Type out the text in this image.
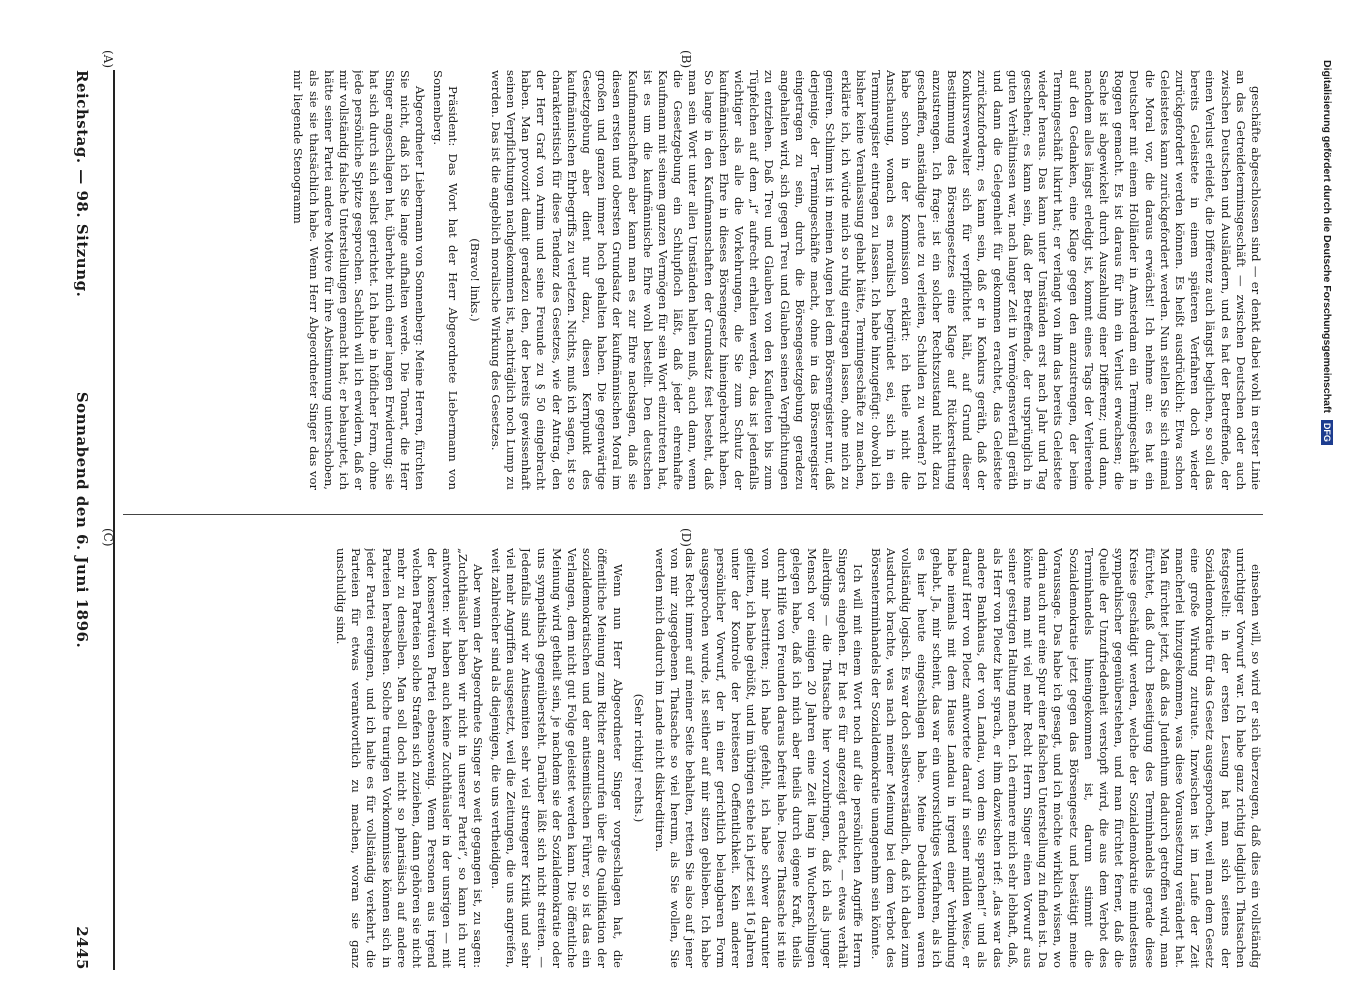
Digitalisierung gefördert durch die Deutsche Forschungsgemeinschaft DFG

geschäfte abgeschlossen sind — er denkt dabei wohl in erster Linie an das Getreideterminsgeschäft — zwischen Deutschen oder auch zwischen Deutschen und Ausländern, und es hat der Betreffende, der einen Verlust erleidet, die Differenz auch längst beglichen, so soll das bereits Geleistete in einem späteren Verfahren doch wieder zurückgefordert werden können. Es heißt ausdrücklich: Etwa schon Geleistetes kann zurückgefordert werden. Nun stellen Sie sich einmal die Moral vor, die daraus erwächst! Ich nehme an: es hat ein Deutscher mit einem Holländer in Amsterdam ein Termingeschäft in Roggen gemacht. Es ist daraus für ihn ein Verlust erwachsen; die Sache ist abgewickelt durch Auszahlung einer Differenz; und dann, nachdem alles längst erledigt ist, kommt eines Tags der Verlierende auf den Gedanken, eine Klage gegen den anzustrengen, der beim Termingeschäft lukrirt hat; er verlangt von ihm das bereits Geleistete wieder heraus. Das kann unter Umständen erst nach Jahr und Tag geschehen; es kann sein, daß der Betreffende, der ursprünglich in guten Verhältnissen war, nach langer Zeit in Vermögensverfall geräth und dann die Gelegenheit für gekommen erachtet, das Geleistete zurückzufordern; es kann sein, daß er in Konkurs geräth, daß der Konkursverwalter sich für verpflichtet hält, auf Grund dieser Bestimmung des Börsengesetzes eine Klage auf Rückerstattung anzustrengen. Ich frage: ist ein solcher Rechtszustand nicht dazu geschaffen, anständige Leute zu verleiten, Schulden zu werden? Ich habe schon in der Kommission erklärt: ich theile nicht die Anschauung, wonach es moralisch begründet sei, sich in ein Terminregister eintragen zu lassen. Ich habe hinzugefügt: obwohl ich bisher keine Veranlassung gehabt hätte, Termingeschäfte zu machen, erklärte ich, ich würde mich so ruhig eintragen lassen, ohne mich zu geniren. Schlimm ist in meinen Augen bei dem Börsenregister nur, daß derjenige, der Termingeschäfte macht, ohne in das Börsenregister eingetragen zu sein, durch die Börsengesetzgebung geradezu angehalten wird, sich gegen Treu und Glauben seinen Verpflichtungen zu entziehen. Daß Treu und Glauben von den Kaufleuten bis zum Tüpfelchen auf dem „i“ aufrecht erhalten werden, das ist jedenfalls wichtiger als alle die Vorkehrungen, die Sie zum Schutz der kaufmännischen Ehre in dieses Börsengesetz hineingebracht haben. So lange in den Kaufmannschaften der Grundsatz fest besteht, daß man sein Wort unter allen Umständen halten muß, auch dann, wenn die Gesetzgebung ein Schlupfloch läßt, daß jeder ehrenhafte Kaufmann mit seinem ganzen Vermögen für sein Wort einzutreten hat, ist es um die kaufmännische Ehre wohl bestellt. Den deutschen Kaufmannschaften aber kann man es zur Ehre nachsagen, daß sie diesen ersten und obersten Grundsatz der kaufmännischen Moral im großen und ganzen immer hoch gehalten haben. Die gegenwärtige Gesetzgebung aber dient nur dazu, diesen Kernpunkt des kaufmännischen Ehrbegriffs zu verletzen. Nichts, muß ich sagen, ist so charakteristisch für diese Tendenz des Gesetzes, wie der Antrag, den der Herr Graf von Arnim und seine Freunde zu § 50 eingebracht haben. Man provozirt damit geradezu den, der bereits gewissenhaft seinen Verpflichtungen nachgekommen ist, nachträglich noch Lump zu werden. Das ist die angeblich moralische Wirkung des Gesetzes.

(Bravo! links.)

Präsident: Das Wort hat der Herr Abgeordnete Liebermann von Sonnenberg.

Abgeordneter Liebermann von Sonnenberg: Meine Herren, fürchten Sie nicht, daß ich Sie lange aufhalten werde. Die Tonart, die Herr Singer angeschlagen hat, überhebt mich einer langen Erwiderung; sie hat sich durch sich selbst gerichtet. Ich habe in höflicher Form, ohne jede persönliche Spitze gesprochen. Sachlich will ich erwidern, daß er mir vollständig falsche Unterstellungen gemacht hat; er behauptet, ich hätte seiner Partei andere Motive für ihre Abstimmung unterschoben, als sie sie thatsächlich habe. Wenn Herr Abgeordneter Singer das vor mir liegende Stenogramm

einsehen will, so wird er sich überzeugen, daß dies ein vollständig unrichtiger Vorwurf war. Ich habe ganz richtig lediglich Thatsachen festgestellt: in der ersten Lesung hat man sich seitens der Sozialdemokratie für das Gesetz ausgesprochen, weil man dem Gesetz eine große Wirkung zutraute. Inzwischen ist im Laufe der Zeit mancherlei hinzugekommen, was diese Voraussetzung verändert hat. Man fürchtet jetzt, daß das Judenthum dadurch getroffen wird, man fürchtet, daß durch Beseitigung des Terminhandels gerade diese Kreise geschädigt werden, welche der Sozialdemokratie mindestens sympathischer gegenüberstehen, und man fürchtet ferner, daß die Quelle der Unzufriedenheit verstopft wird, die aus dem Verbot des Terminhandels hineingekommen ist, darum stimmt die Sozialdemokratie jetzt gegen das Börsengesetz und bestätigt meine Voraussage. Das habe ich gesagt, und ich möchte wirklich wissen, wo darin auch nur eine Spur einer falschen Unterstellung zu finden ist. Da könnte man mit viel mehr Recht Herrn Singer einen Vorwurf aus seiner gestrigen Haltung machen. Ich erinnere mich sehr lebhaft, daß, als Herr von Ploetz hier sprach, er ihm dazwischen rief: „das war das andere Bankhaus, der von Landau, von dem Sie sprachen!“ und als darauf Herr von Ploetz antwortete darauf in seiner milden Weise, er habe niemals mit dem Hause Landau in irgend einer Verbindung gehabt. Ja, mir scheint, das war ein unvorsichtiges Verfahren, als ich es hier heute eingeschlagen habe. Meine Deduktionen waren vollständig logisch. Es war doch selbstverständlich, daß ich dabei zum Ausdruck brachte, was nach meiner Meinung bei dem Verbot des Börsenterminhandels der Sozialdemokratie unangenehm sein könnte.

Ich will mit einem Wort noch auf die persönlichen Angriffe Herrn Singers eingehen. Er hat es für angezeigt erachtet, — etwas verhält allerdings — die Thatsache hier vorzubringen, daß ich als junger Mensch vor einigen 20 Jahren eine Zeit lang in Wucherschlingen gelegen habe, daß ich mich aber theils durch eigene Kraft, theils durch Hilfe von Freunden daraus befreit habe. Diese Thatsache ist nie von mir bestritten; ich habe gefehlt, ich habe schwer darunter gelitten, ich habe gebüßt, und im übrigen stehe ich jetzt seit 16 Jahren unter der Kontrole der breitesten Oeffentlichkeit. Kein anderer persönlicher Vorwurf, der in einer gerichtlich belangbaren Form ausgesprochen wurde, ist seither auf mir sitzen geblieben. Ich habe das Recht immer auf meiner Seite behalten, retten Sie also auf jener von mir zugegebenen Thatsache so viel herum, als Sie wollen, Sie werden mich dadurch im Lande nicht diskreditiren.

(Sehr richtig! rechts.)

Wenn nun Herr Abgeordneter Singer vorgeschlagen hat, die öffentliche Meinung zum Richter anzurufen über die Qualifikation der sozialdemokratischen und der antisemitischen Führer, so ist das ein Verlangen, dem nicht gut Folge geleistet werden kann. Die öffentliche Meinung wird getheilt sein, je nachdem sie der Sozialdemokratie oder uns sympathisch gegenübersteht. Darüber läßt sich nicht streiten. — Jedenfalls sind wir Antisemiten sehr viel strengerer Kritik und sehr viel mehr Angriffen ausgesetzt, weil die Zeitungen, die uns angreifen, weit zahlreicher sind als diejenigen, die uns vertheidigen.

Aber wenn der Abgeordnete Singer so weit gegangen ist, zu sagen: „Zuchthäusler haben wir nicht in unserer Partei“, so kann ich nur antworten: wir haben auch keine Zuchthäusler in der unsrigen — mit der konservativen Partei ebensowenig. Wenn Personen aus irgend welchen Parteien solche Strafen sich zuziehen, dann gehören sie nicht mehr zu denselben. Man soll doch nicht so pharisäisch auf andere Parteien herabsehen. Solche traurigen Vorkommnisse können sich in jeder Partei ereignen, und ich halte es für vollständig verkehrt, die Parteien für etwas verantwortlich zu machen, woran sie ganz unschuldig sind.

Reichstag. — 98. Sitzung.
Sonnabend den 6. Juni 1896.
2445
(A)	(B)
(C)	(D)
